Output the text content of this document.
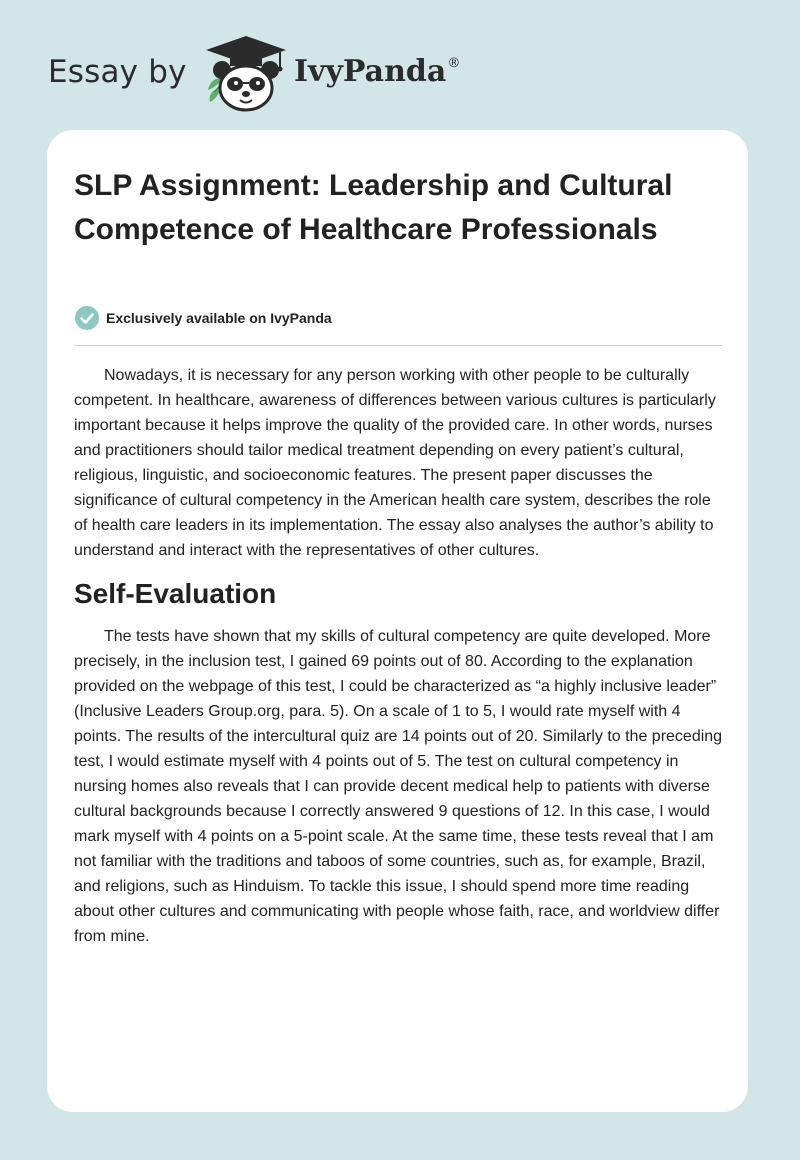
Essay by	IvyPanda®
SLP Assignment: Leadership and Cultural Competence of Healthcare Professionals
Exclusively available on IvyPanda

Nowadays, it is necessary for any person working with other people to be culturally competent. In healthcare, awareness of differences between various cultures is particularly important because it helps improve the quality of the provided care. In other words, nurses and practitioners should tailor medical treatment depending on every patient’s cultural, religious, linguistic, and socioeconomic features. The present paper discusses the significance of cultural competency in the American health care system, describes the role of health care leaders in its implementation. The essay also analyses the author’s ability to understand and interact with the representatives of other cultures.

Self-Evaluation

The tests have shown that my skills of cultural competency are quite developed. More precisely, in the inclusion test, I gained 69 points out of 80. According to the explanation provided on the webpage of this test, I could be characterized as “a highly inclusive leader” (Inclusive Leaders Group.org, para. 5). On a scale of 1 to 5, I would rate myself with 4 points. The results of the intercultural quiz are 14 points out of 20. Similarly to the preceding test, I would estimate myself with 4 points out of 5. The test on cultural competency in nursing homes also reveals that I can provide decent medical help to patients with diverse cultural backgrounds because I correctly answered 9 questions of 12. In this case, I would mark myself with 4 points on a 5-point scale. At the same time, these tests reveal that I am not familiar with the traditions and taboos of some countries, such as, for example, Brazil, and religions, such as Hinduism. To tackle this issue, I should spend more time reading about other cultures and communicating with people whose faith, race, and worldview differ from mine.
